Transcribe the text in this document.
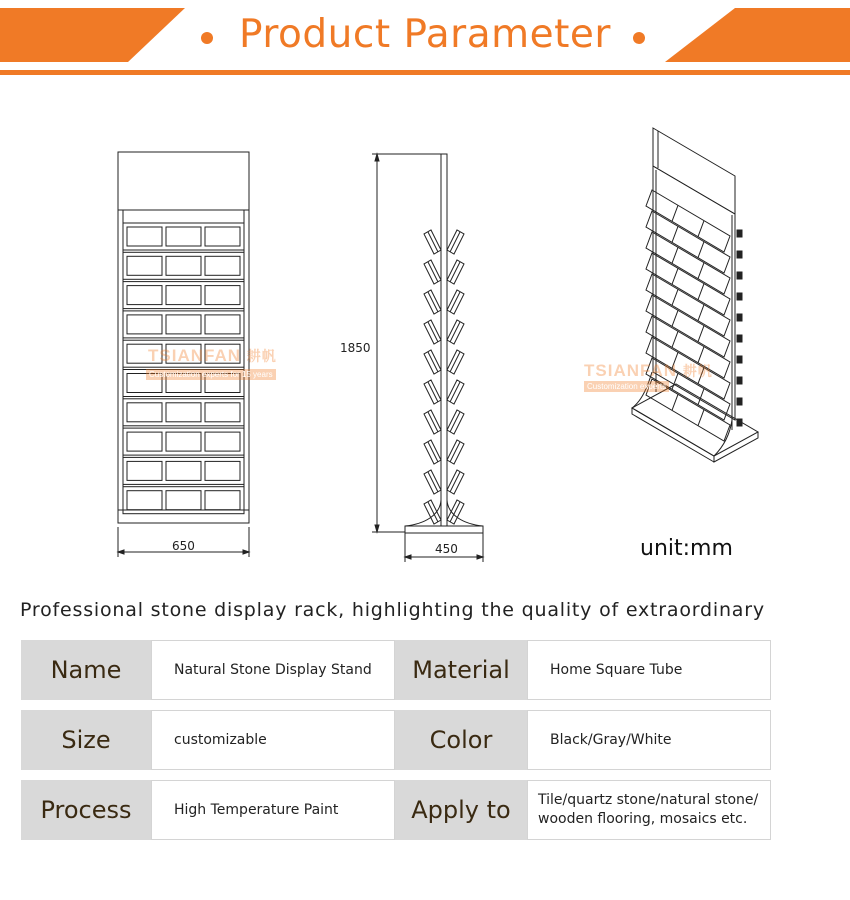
Product Parameter
650
1850
450	unit:mm
TSIANFAN 耕帆
Customization experts for 15 years	TSIANFAN 耕帆
Customization experts
Professional stone display rack, highlighting the quality of extraordinary
Name	Natural Stone Display Stand	Material	Home Square Tube
Size	customizable	Color	Black/Gray/White
Process	High Temperature Paint	Apply to	Tile/quartz stone/natural stone/
wooden flooring, mosaics etc.
